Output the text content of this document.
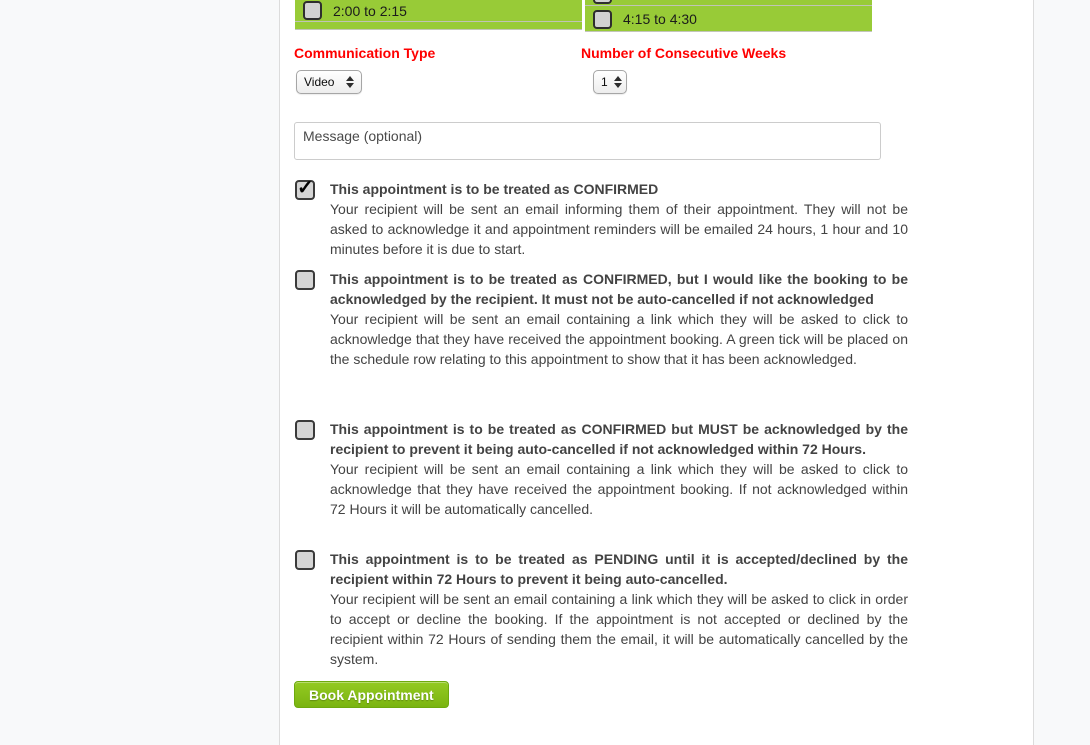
2:00 to 2:15
4:15 to 4:30
Communication Type	Number of Consecutive Weeks
Video	1
Message (optional)
✓ This appointment is to be treated as CONFIRMED
Your recipient will be sent an email informing them of their appointment. They will not be asked to acknowledge it and appointment reminders will be emailed 24 hours, 1 hour and 10 minutes before it is due to start.
This appointment is to be treated as CONFIRMED, but I would like the booking to be acknowledged by the recipient. It must not be auto-cancelled if not acknowledged
Your recipient will be sent an email containing a link which they will be asked to click to acknowledge that they have received the appointment booking. A green tick will be placed on the schedule row relating to this appointment to show that it has been acknowledged.
This appointment is to be treated as CONFIRMED but MUST be acknowledged by the recipient to prevent it being auto-cancelled if not acknowledged within 72 Hours.
Your recipient will be sent an email containing a link which they will be asked to click to acknowledge that they have received the appointment booking. If not acknowledged within 72 Hours it will be automatically cancelled.
This appointment is to be treated as PENDING until it is accepted/declined by the recipient within 72 Hours to prevent it being auto-cancelled.
Your recipient will be sent an email containing a link which they will be asked to click in order to accept or decline the booking. If the appointment is not accepted or declined by the recipient within 72 Hours of sending them the email, it will be automatically cancelled by the system.
Book Appointment
